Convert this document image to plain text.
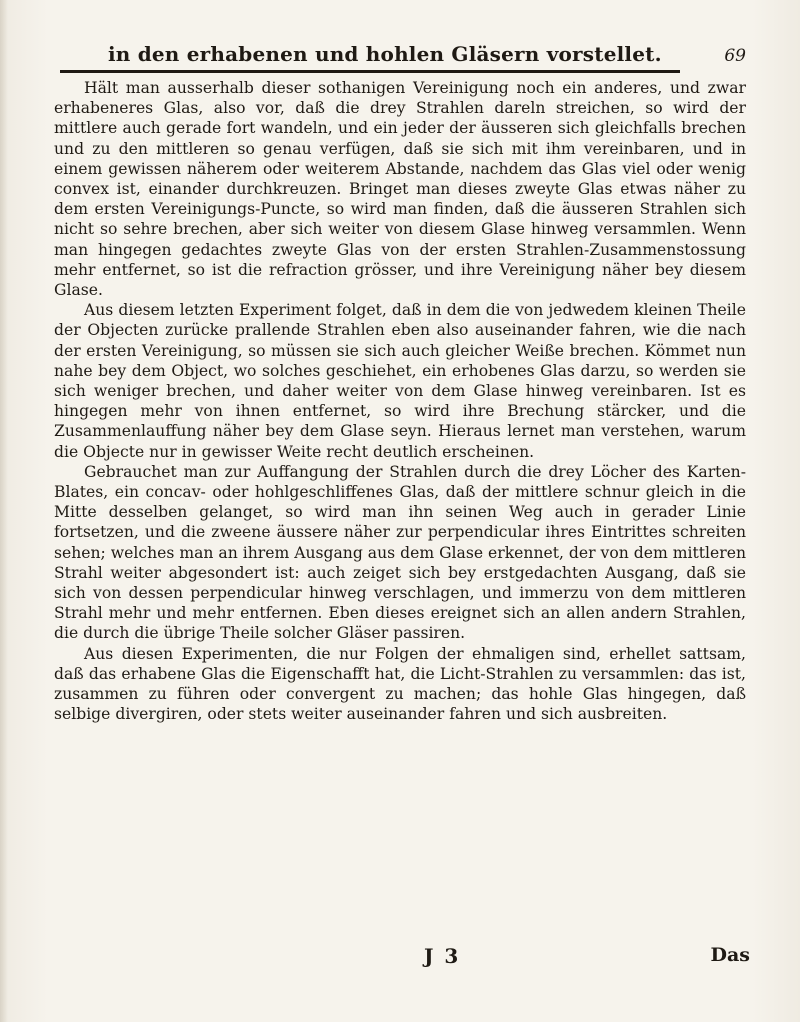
in den erhabenen und hohlen Gläsern vorstellet.	69

Hält man ausserhalb dieser sothanigen Vereinigung noch ein anderes, und zwar erhabeneres Glas, also vor, daß die drey Strahlen dareln streichen, so wird der mittlere auch gerade fort wandeln, und ein jeder der äusseren sich gleichfalls brechen und zu den mittleren so genau verfügen, daß sie sich mit ihm vereinbaren, und in einem gewissen näherem oder weiterem Abstande, nachdem das Glas viel oder wenig convex ist, einander durchkreuzen. Bringet man dieses zweyte Glas etwas näher zu dem ersten Vereinigungs-Puncte, so wird man finden, daß die äusseren Strahlen sich nicht so sehre brechen, aber sich weiter von diesem Glase hinweg versammlen. Wenn man hingegen gedachtes zweyte Glas von der ersten Strahlen-Zusammenstossung mehr entfernet, so ist die refraction grösser, und ihre Vereinigung näher bey diesem Glase.

Aus diesem letzten Experiment folget, daß in dem die von jedwedem kleinen Theile der Objecten zurücke prallende Strahlen eben also auseinander fahren, wie die nach der ersten Vereinigung, so müssen sie sich auch gleicher Weiße brechen. Kömmet nun nahe bey dem Object, wo solches geschiehet, ein erhobenes Glas darzu, so werden sie sich weniger brechen, und daher weiter von dem Glase hinweg vereinbaren. Ist es hingegen mehr von ihnen entfernet, so wird ihre Brechung stärcker, und die Zusammenlauffung näher bey dem Glase seyn. Hieraus lernet man verstehen, warum die Objecte nur in gewisser Weite recht deutlich erscheinen.

Gebrauchet man zur Auffangung der Strahlen durch die drey Löcher des Karten-Blates, ein concav- oder hohlgeschliffenes Glas, daß der mittlere schnur gleich in die Mitte desselben gelanget, so wird man ihn seinen Weg auch in gerader Linie fortsetzen, und die zweene äussere näher zur perpendicular ihres Eintrittes schreiten sehen; welches man an ihrem Ausgang aus dem Glase erkennet, der von dem mittleren Strahl weiter abgesondert ist: auch zeiget sich bey erstgedachten Ausgang, daß sie sich von dessen perpendicular hinweg verschlagen, und immerzu von dem mittleren Strahl mehr und mehr entfernen. Eben dieses ereignet sich an allen andern Strahlen, die durch die übrige Theile solcher Gläser passiren.

Aus diesen Experimenten, die nur Folgen der ehmaligen sind, erhellet sattsam, daß das erhabene Glas die Eigenschafft hat, die Licht-Strahlen zu versammlen: das ist, zusammen zu führen oder convergent zu machen; das hohle Glas hingegen, daß selbige divergiren, oder stets weiter auseinander fahren und sich ausbreiten.

J 3	Das
